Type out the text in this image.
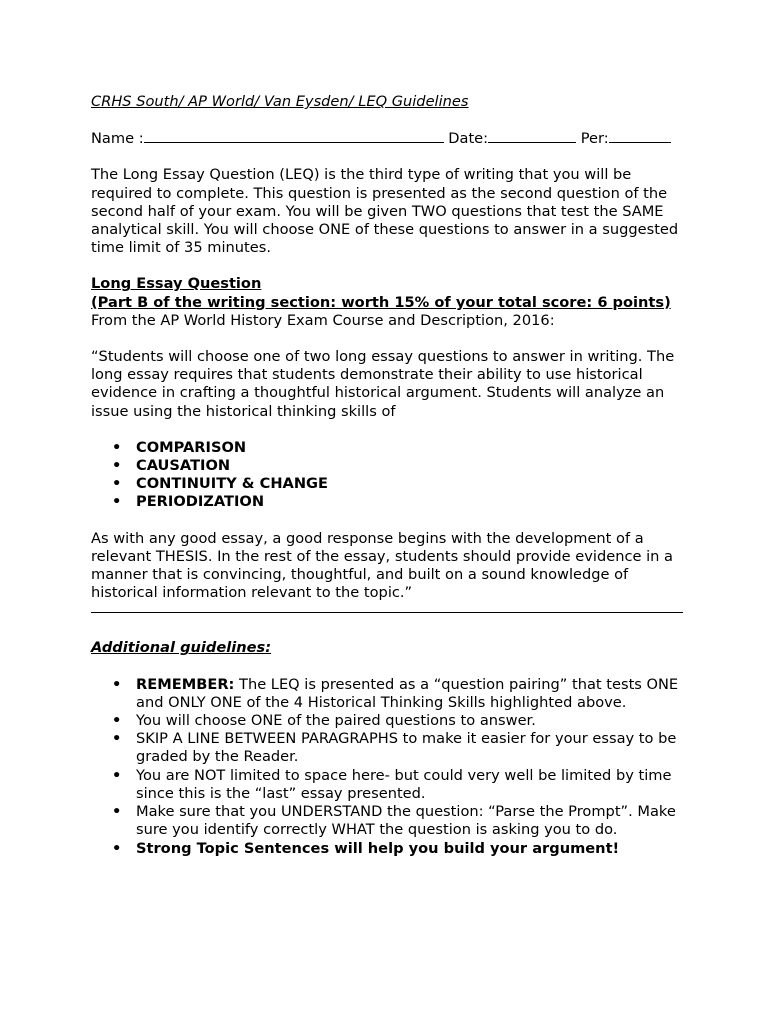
CRHS South/ AP World/ Van Eysden/ LEQ Guidelines

Name :	Date:	Per:

The Long Essay Question (LEQ) is the third type of writing that you will be required to complete. This question is presented as the second question of the second half of your exam. You will be given TWO questions that test the SAME analytical skill. You will choose ONE of these questions to answer in a suggested time limit of 35 minutes.

Long Essay Question
(Part B of the writing section: worth 15% of your total score: 6 points)
From the AP World History Exam Course and Description, 2016:

“Students will choose one of two long essay questions to answer in writing. The long essay requires that students demonstrate their ability to use historical evidence in crafting a thoughtful historical argument. Students will analyze an issue using the historical thinking skills of

• COMPARISON
• CAUSATION
• CONTINUITY & CHANGE
• PERIODIZATION

As with any good essay, a good response begins with the development of a relevant THESIS. In the rest of the essay, students should provide evidence in a manner that is convincing, thoughtful, and built on a sound knowledge of historical information relevant to the topic.”

Additional guidelines:
• REMEMBER: The LEQ is presented as a “question pairing” that tests ONE and ONLY ONE of the 4 Historical Thinking Skills highlighted above.
• You will choose ONE of the paired questions to answer.
• SKIP A LINE BETWEEN PARAGRAPHS to make it easier for your essay to be graded by the Reader.
• You are NOT limited to space here- but could very well be limited by time since this is the “last” essay presented.
• Make sure that you UNDERSTAND the question: “Parse the Prompt”. Make sure you identify correctly WHAT the question is asking you to do.
• Strong Topic Sentences will help you build your argument!
